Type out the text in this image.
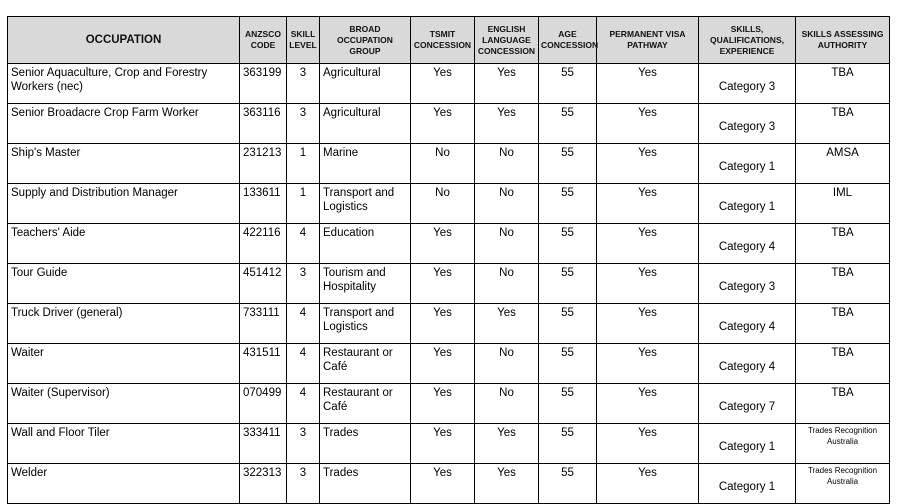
OCCUPATION	ANZSCO CODE	SKILL LEVEL	BROAD OCCUPATION GROUP	TSMIT CONCESSION	ENGLISH LANGUAGE CONCESSION	AGE CONCESSION	PERMANENT VISA PATHWAY	SKILLS, QUALIFICATIONS, EXPERIENCE	SKILLS ASSESSING AUTHORITY
Senior Aquaculture, Crop and Forestry Workers (nec)	363199	3	Agricultural	Yes	Yes	55	Yes	Category 3	TBA
Senior Broadacre Crop Farm Worker	363116	3	Agricultural	Yes	Yes	55	Yes	Category 3	TBA
Ship's Master	231213	1	Marine	No	No	55	Yes	Category 1	AMSA
Supply and Distribution Manager	133611	1	Transport and Logistics	No	No	55	Yes	Category 1	IML
Teachers' Aide	422116	4	Education	Yes	No	55	Yes	Category 4	TBA
Tour Guide	451412	3	Tourism and Hospitality	Yes	No	55	Yes	Category 3	TBA
Truck Driver (general)	733111	4	Transport and Logistics	Yes	Yes	55	Yes	Category 4	TBA
Waiter	431511	4	Restaurant or Café	Yes	No	55	Yes	Category 4	TBA
Waiter (Supervisor)	070499	4	Restaurant or Café	Yes	No	55	Yes	Category 7	TBA
Wall and Floor Tiler	333411	3	Trades	Yes	Yes	55	Yes	Category 1	Trades Recognition Australia
Welder	322313	3	Trades	Yes	Yes	55	Yes	Category 1	Trades Recognition Australia
